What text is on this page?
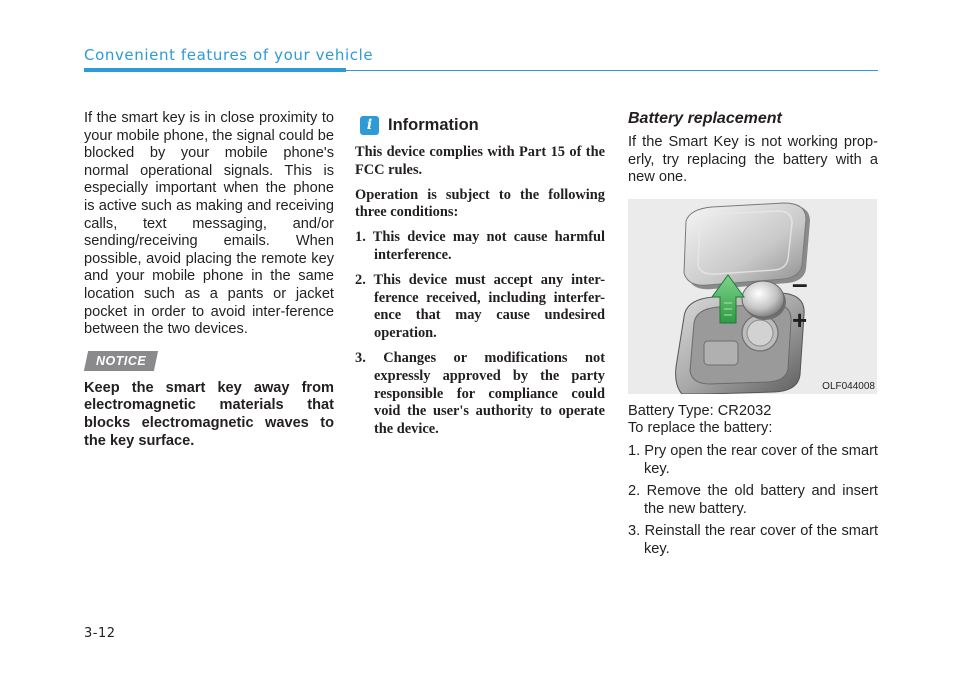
Convenient features of your vehicle

If the smart key is in close proximity to your mobile phone, the signal could be blocked by your mobile phone's normal operational signals. This is especially important when the phone is active such as making and receiving calls, text messaging, and/or sending/receiving emails. When possible, avoid placing the remote key and your mobile phone in the same location such as a pants or jacket pocket in order to avoid inter-ference between the two devices.

NOTICE

Keep the smart key away from electromagnetic materials that blocks electromagnetic waves to the key surface.

i Information

This device complies with Part 15 of the FCC rules.

Operation is subject to the following three conditions:

1. This device may not cause harmful interference.
2. This device must accept any inter-ference received, including interfer-ence that may cause undesired operation.
3. Changes or modifications not expressly approved by the party responsible for compliance could void the user's authority to operate the device.
Battery replacement

If the Smart Key is not working prop-erly, try replacing the battery with a new one.

–
+
OLF044008

Battery Type: CR2032

To replace the battery:

1. Pry open the rear cover of the smart key.
2. Remove the old battery and insert the new battery.
3. Reinstall the rear cover of the smart key.
3-12
